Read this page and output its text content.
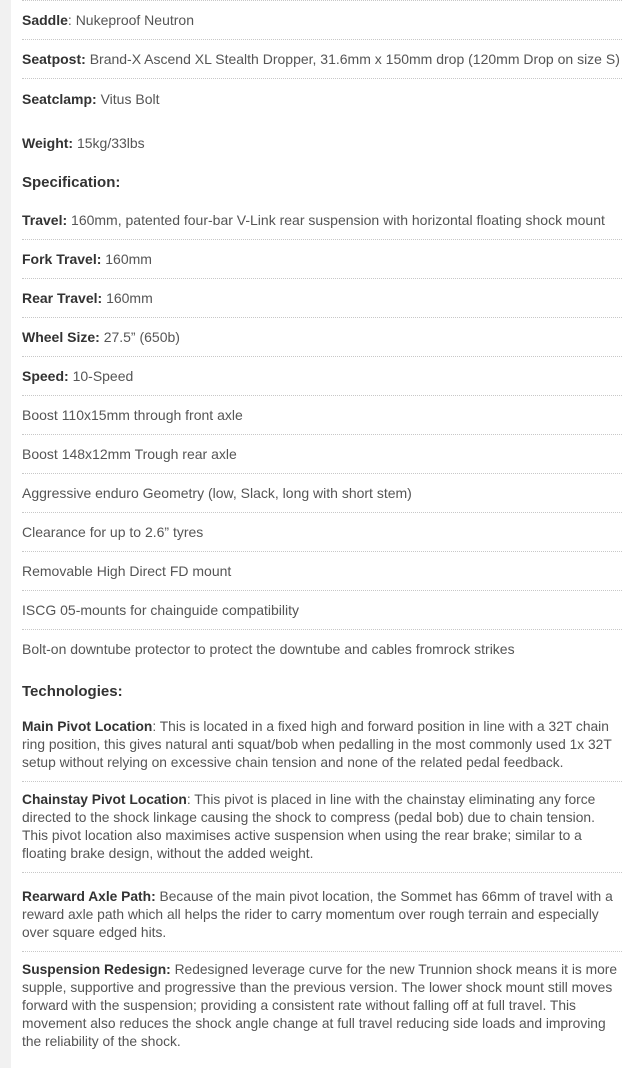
Saddle: Nukeproof Neutron
Seatpost: Brand-X Ascend XL Stealth Dropper, 31.6mm x 150mm drop (120mm Drop on size S)
Seatclamp: Vitus Bolt
Weight: 15kg/33lbs
Specification:
Travel: 160mm, patented four-bar V-Link rear suspension with horizontal floating shock mount
Fork Travel: 160mm
Rear Travel: 160mm
Wheel Size: 27.5” (650b)
Speed: 10-Speed
Boost 110x15mm through front axle
Boost 148x12mm Trough rear axle
Aggressive enduro Geometry (low, Slack, long with short stem)
Clearance for up to 2.6” tyres
Removable High Direct FD mount
ISCG 05-mounts for chainguide compatibility
Bolt-on downtube protector to protect the downtube and cables fromrock strikes
Technologies:
Main Pivot Location: This is located in a fixed high and forward position in line with a 32T chain ring position, this gives natural anti squat/bob when pedalling in the most commonly used 1x 32T setup without relying on excessive chain tension and none of the related pedal feedback.
Chainstay Pivot Location: This pivot is placed in line with the chainstay eliminating any force directed to the shock linkage causing the shock to compress (pedal bob) due to chain tension. This pivot location also maximises active suspension when using the rear brake; similar to a floating brake design, without the added weight.
Rearward Axle Path: Because of the main pivot location, the Sommet has 66mm of travel with a reward axle path which all helps the rider to carry momentum over rough terrain and especially over square edged hits.
Suspension Redesign: Redesigned leverage curve for the new Trunnion shock means it is more supple, supportive and progressive than the previous version. The lower shock mount still moves forward with the suspension; providing a consistent rate without falling off at full travel. This movement also reduces the shock angle change at full travel reducing side loads and improving the reliability of the shock.
